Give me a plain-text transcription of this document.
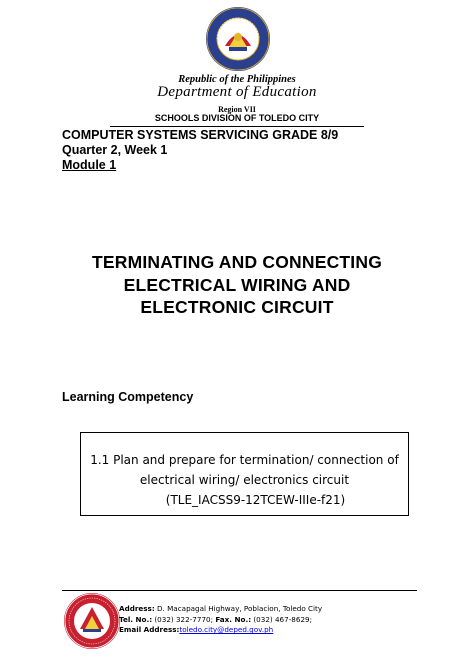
Republic of the Philippines
Department of Education
Region VII
SCHOOLS DIVISION OF TOLEDO CITY
COMPUTER SYSTEMS SERVICING GRADE 8/9
Quarter 2, Week 1
Module 1
TERMINATING AND CONNECTING
ELECTRICAL WIRING AND
ELECTRONIC CIRCUIT
Learning Competency
1.1 Plan and prepare for termination/ connection of
electrical wiring/ electronics circuit
(TLE_IACSS9-12TCEW-IIIe-f21)
Address: D. Macapagal Highway, Poblacion, Toledo City
Tel. No.: (032) 322-7770; Fax. No.: (032) 467-8629;
Email Address:toledo.city@deped.gov.ph
